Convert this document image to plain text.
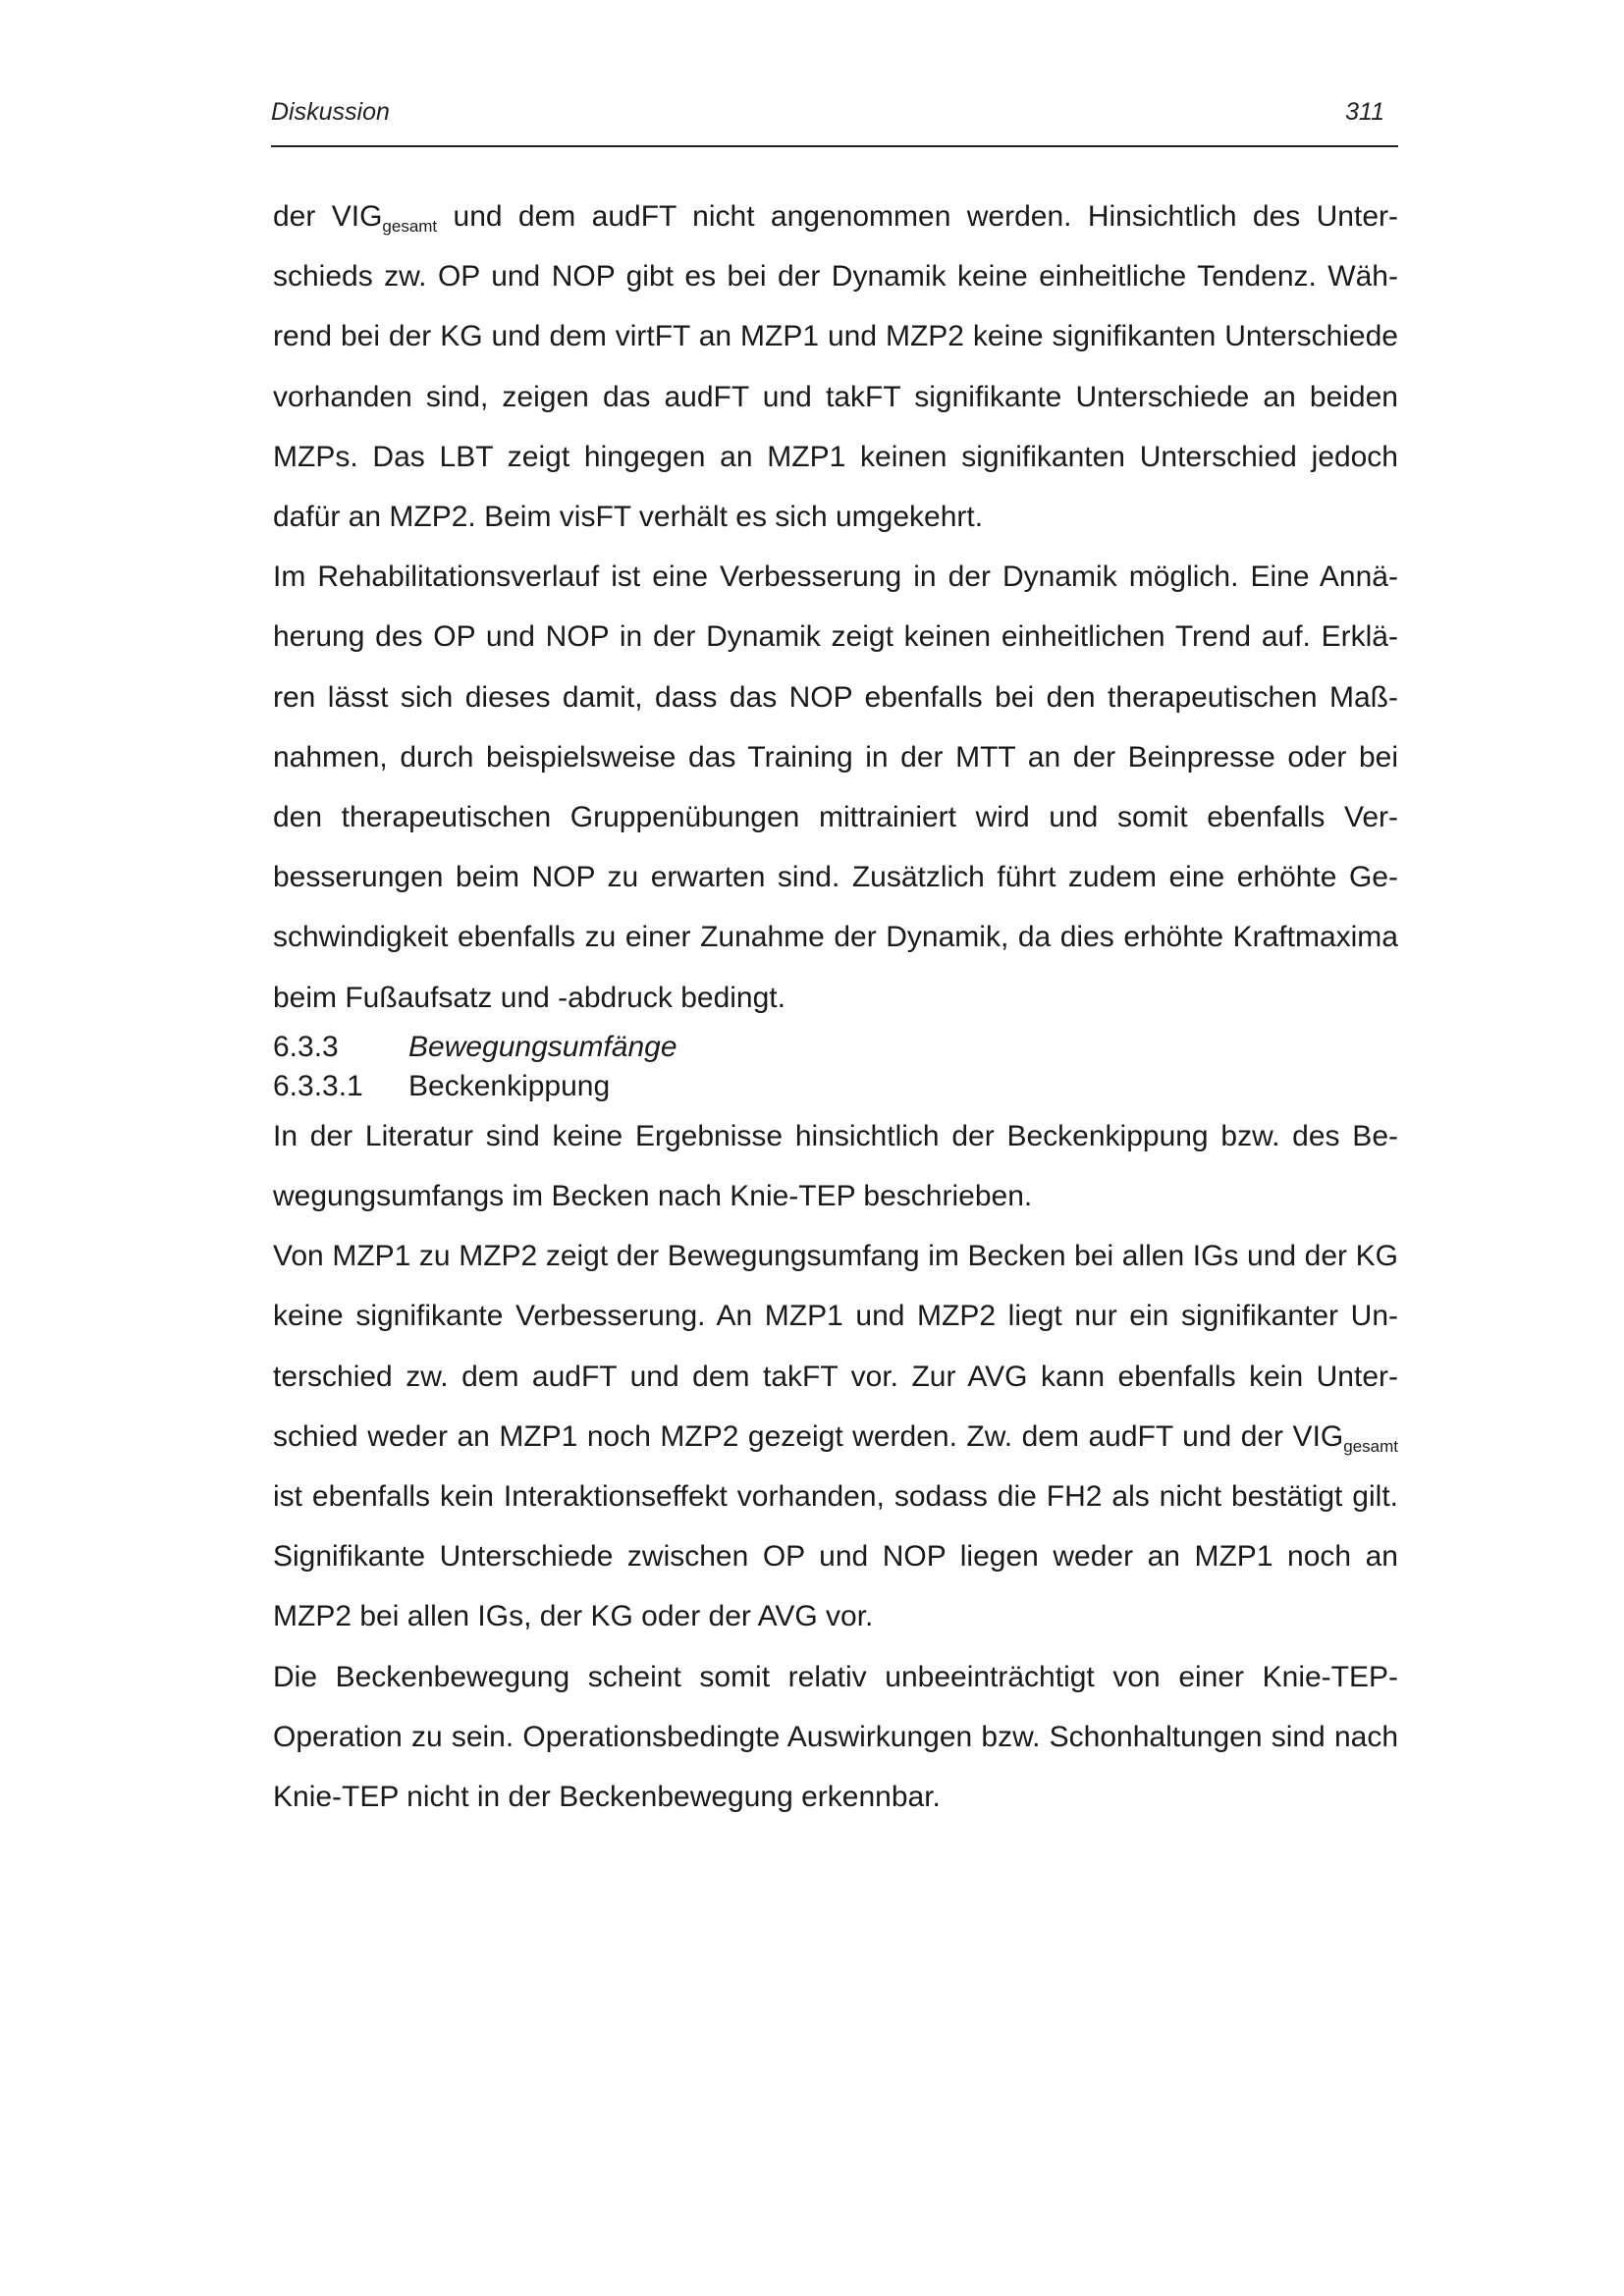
Diskussion	311

der $VIG_{gesamt}$ und dem audFT nicht angenommen werden. Hinsichtlich des Unterschieds zw. OP und NOP gibt es bei der Dynamik keine einheitliche Tendenz. Während bei der KG und dem virtFT an MZP1 und MZP2 keine signifikanten Unterschiede vorhanden sind, zeigen das audFT und takFT signifikante Unterschiede an beiden MZPs. Das LBT zeigt hingegen an MZP1 keinen signifikanten Unterschied jedoch dafür an MZP2. Beim visFT verhält es sich umgekehrt.

Im Rehabilitationsverlauf ist eine Verbesserung in der Dynamik möglich. Eine Annäherung des OP und NOP in der Dynamik zeigt keinen einheitlichen Trend auf. Erklären lässt sich dieses damit, dass das NOP ebenfalls bei den therapeutischen Maßnahmen, durch beispielsweise das Training in der MTT an der Beinpresse oder bei den therapeutischen Gruppenübungen mittrainiert wird und somit ebenfalls Verbesserungen beim NOP zu erwarten sind. Zusätzlich führt zudem eine erhöhte Geschwindigkeit ebenfalls zu einer Zunahme der Dynamik, da dies erhöhte Kraftmaxima beim Fußaufsatz und -abdruck bedingt.

6.3.3	Bewegungsumfänge
6.3.3.1	Beckenkippung

In der Literatur sind keine Ergebnisse hinsichtlich der Beckenkippung bzw. des Bewegungsumfangs im Becken nach Knie-TEP beschrieben.

Von MZP1 zu MZP2 zeigt der Bewegungsumfang im Becken bei allen IGs und der KG keine signifikante Verbesserung. An MZP1 und MZP2 liegt nur ein signifikanter Unterschied zw. dem audFT und dem takFT vor. Zur AVG kann ebenfalls kein Unterschied weder an MZP1 noch MZP2 gezeigt werden. Zw. dem audFT und der $VIG_{gesamt}$ ist ebenfalls kein Interaktionseffekt vorhanden, sodass die FH2 als nicht bestätigt gilt. Signifikante Unterschiede zwischen OP und NOP liegen weder an MZP1 noch an MZP2 bei allen IGs, der KG oder der AVG vor.

Die Beckenbewegung scheint somit relativ unbeeinträchtigt von einer Knie-TEP-Operation zu sein. Operationsbedingte Auswirkungen bzw. Schonhaltungen sind nach Knie-TEP nicht in der Beckenbewegung erkennbar.
